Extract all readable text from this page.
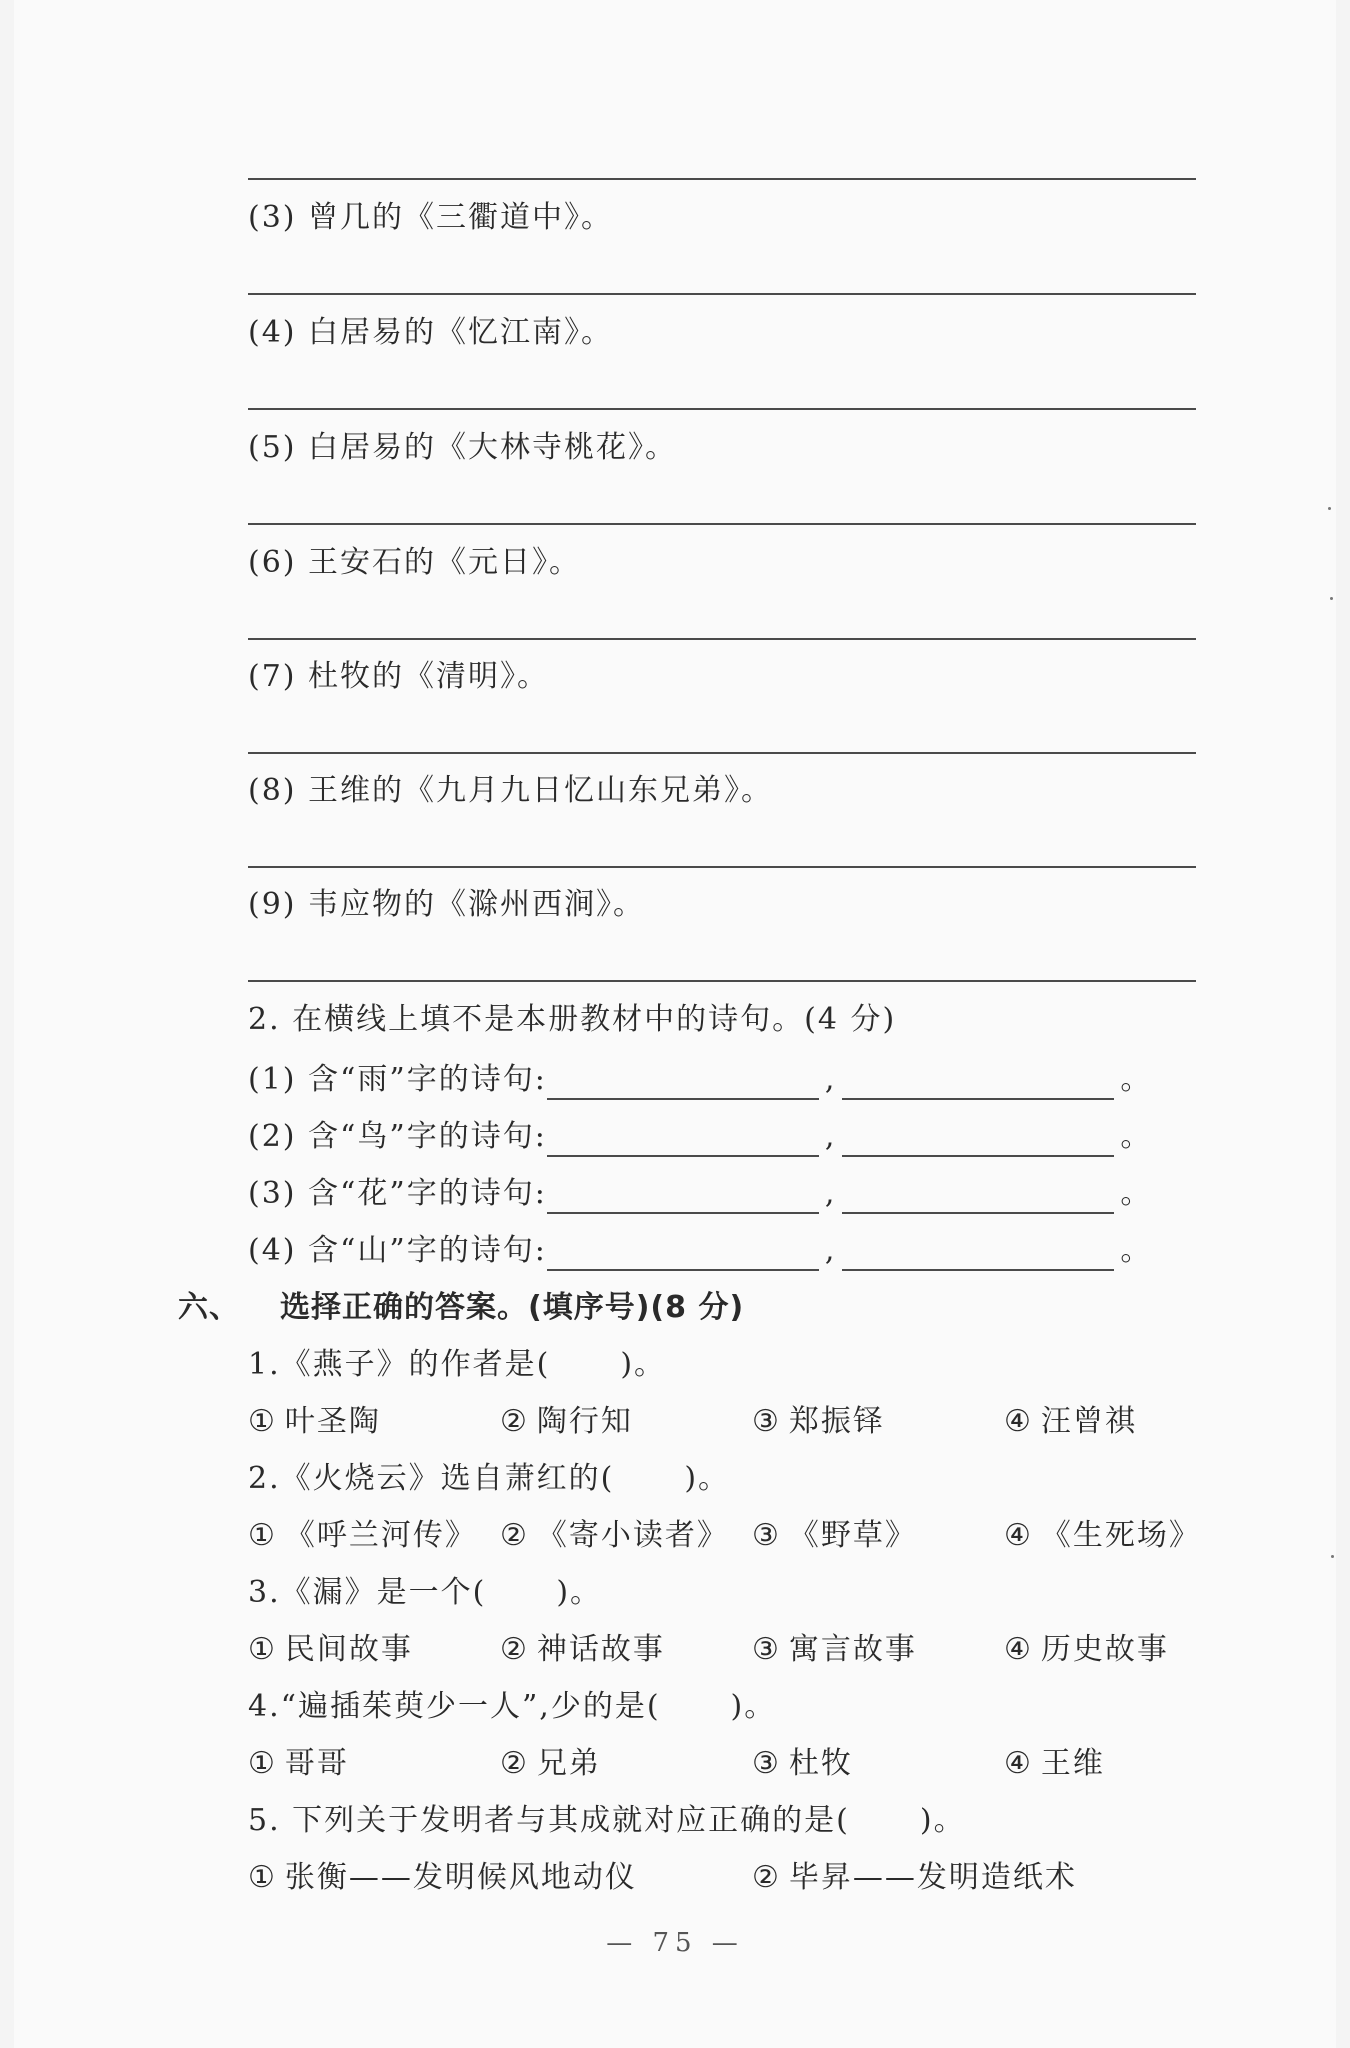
(3) 曾几的《三衢道中》。
(4) 白居易的《忆江南》。
(5) 白居易的《大林寺桃花》。
(6) 王安石的《元日》。
(7) 杜牧的《清明》。
(8) 王维的《九月九日忆山东兄弟》。
(9) 韦应物的《滁州西涧》。
2. 在横线上填不是本册教材中的诗句。(4 分)
(1) 含“雨”字的诗句:	,	。
(2) 含“鸟”字的诗句:	,	。
(3) 含“花”字的诗句:	,	。
(4) 含“山”字的诗句:	,	。
六、 选择正确的答案。(填序号)(8 分)
1.《燕子》的作者是( )。
① 叶圣陶	② 陶行知	③ 郑振铎	④ 汪曾祺
2.《火烧云》选自萧红的( )。
① 《呼兰河传》 ② 《寄小读者》 ③ 《野草》	④ 《生死场》
3.《漏》是一个( )。
① 民间故事	② 神话故事	③ 寓言故事	④ 历史故事
4.“遍插茱萸少一人”,少的是( )。
① 哥哥	② 兄弟	③ 杜牧	④ 王维
5. 下列关于发明者与其成就对应正确的是( )。
① 张衡——发明候风地动仪	② 毕昇——发明造纸术
— 75 —
